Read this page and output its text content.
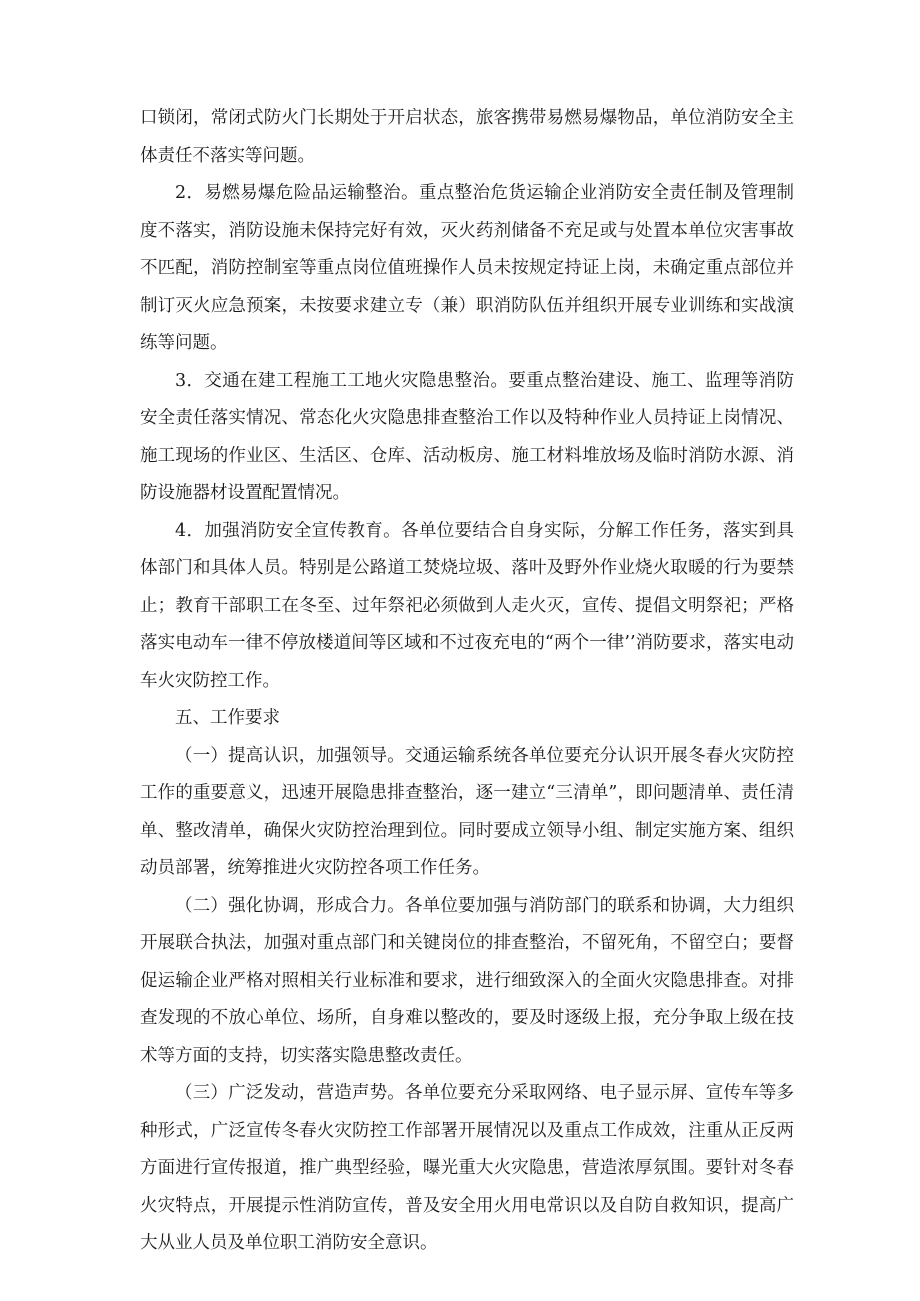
口锁闭，常闭式防火门长期处于开启状态，旅客携带易燃易爆物品，单位消防安全主体责任不落实等问题。

2．易燃易爆危险品运输整治。重点整治危货运输企业消防安全责任制及管理制度不落实，消防设施未保持完好有效，灭火药剂储备不充足或与处置本单位灾害事故不匹配，消防控制室等重点岗位值班操作人员未按规定持证上岗，未确定重点部位并制订灭火应急预案，未按要求建立专（兼）职消防队伍并组织开展专业训练和实战演练等问题。

3．交通在建工程施工工地火灾隐患整治。要重点整治建设、施工、监理等消防安全责任落实情况、常态化火灾隐患排查整治工作以及特种作业人员持证上岗情况、施工现场的作业区、生活区、仓库、活动板房、施工材料堆放场及临时消防水源、消防设施器材设置配置情况。

4．加强消防安全宣传教育。各单位要结合自身实际，分解工作任务，落实到具体部门和具体人员。特别是公路道工焚烧垃圾、落叶及野外作业烧火取暖的行为要禁止；教育干部职工在冬至、过年祭祀必须做到人走火灭，宣传、提倡文明祭祀；严格落实电动车一律不停放楼道间等区域和不过夜充电的“两个一律’’消防要求，落实电动车火灾防控工作。

五、工作要求

（一）提高认识，加强领导。交通运输系统各单位要充分认识开展冬春火灾防控工作的重要意义，迅速开展隐患排查整治，逐一建立“三清单”，即问题清单、责任清单、整改清单，确保火灾防控治理到位。同时要成立领导小组、制定实施方案、组织动员部署，统筹推进火灾防控各项工作任务。

（二）强化协调，形成合力。各单位要加强与消防部门的联系和协调，大力组织开展联合执法，加强对重点部门和关键岗位的排查整治，不留死角，不留空白；要督促运输企业严格对照相关行业标准和要求，进行细致深入的全面火灾隐患排查。对排查发现的不放心单位、场所，自身难以整改的，要及时逐级上报，充分争取上级在技术等方面的支持，切实落实隐患整改责任。

（三）广泛发动，营造声势。各单位要充分采取网络、电子显示屏、宣传车等多种形式，广泛宣传冬春火灾防控工作部署开展情况以及重点工作成效，注重从正反两方面进行宣传报道，推广典型经验，曝光重大火灾隐患，营造浓厚氛围。要针对冬春火灾特点，开展提示性消防宣传，普及安全用火用电常识以及自防自救知识，提高广大从业人员及单位职工消防安全意识。
